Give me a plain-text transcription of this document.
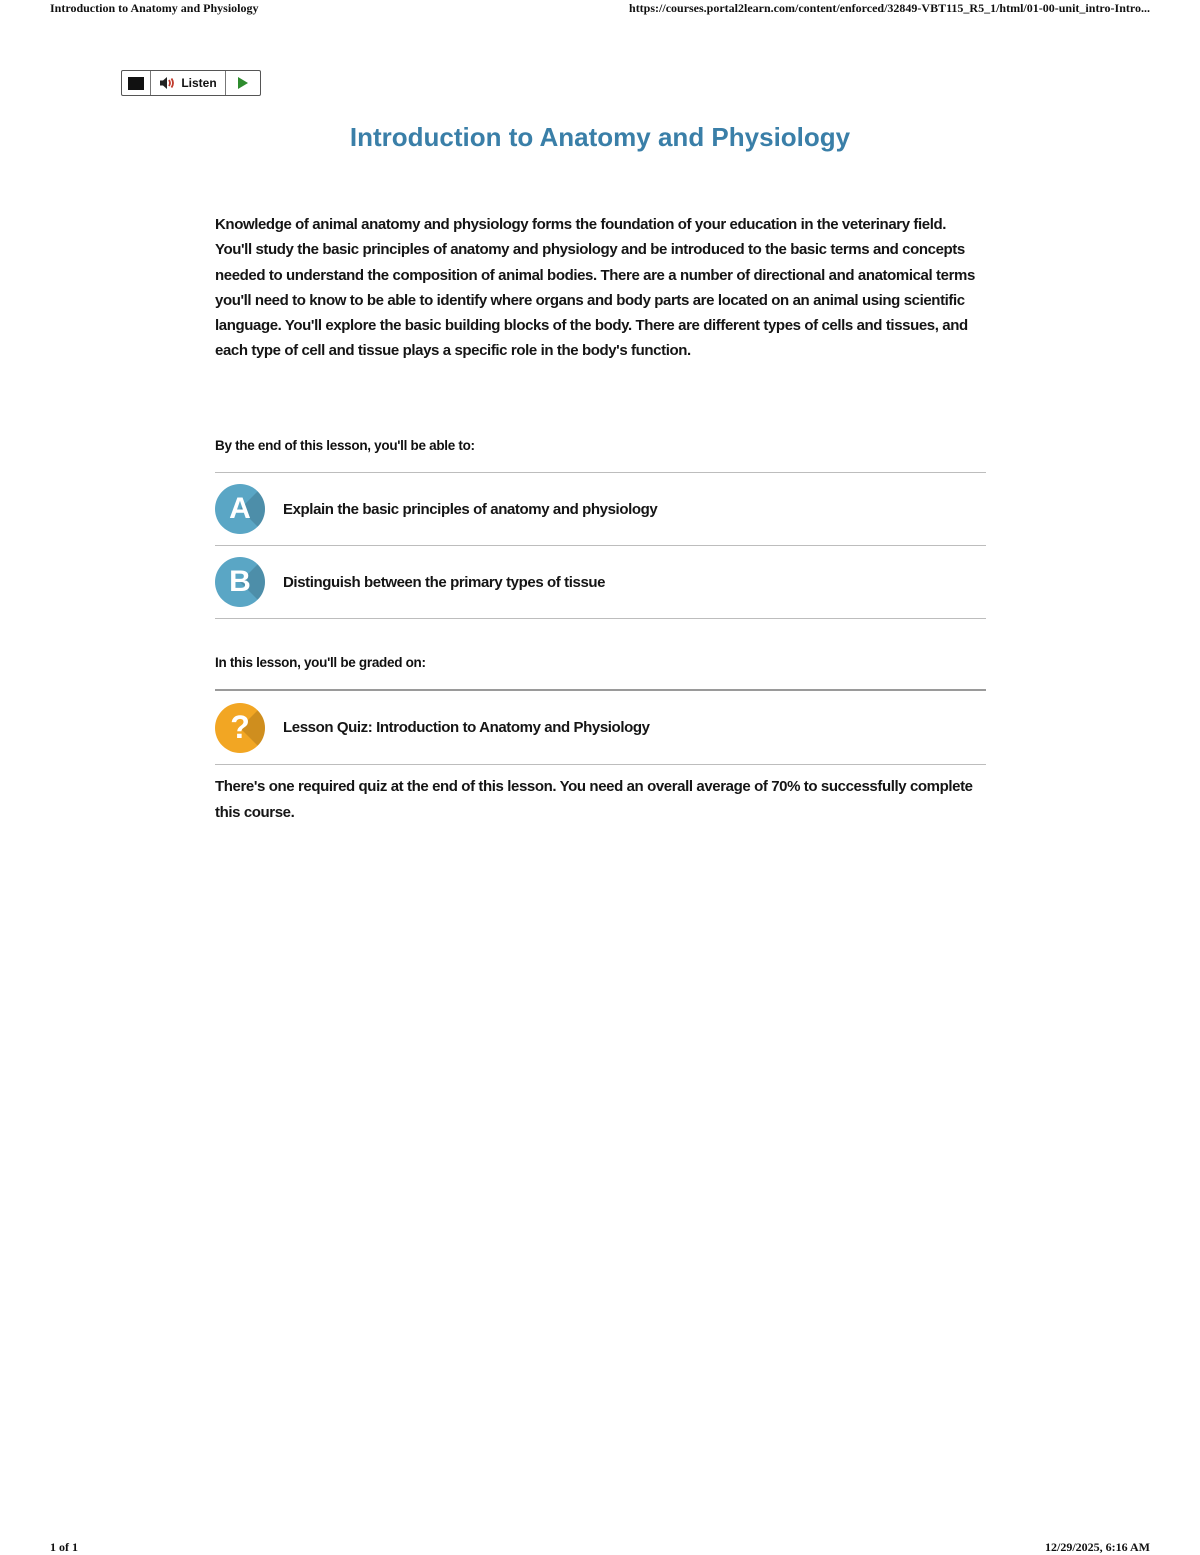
Introduction to Anatomy and Physiology	https://courses.portal2learn.com/content/enforced/32849-VBT115_R5_1/html/01-00-unit_intro-Intro...
Listen
Introduction to Anatomy and Physiology

Knowledge of animal anatomy and physiology forms the foundation of your education in the veterinary field. You'll study the basic principles of anatomy and physiology and be introduced to the basic terms and concepts needed to understand the composition of animal bodies. There are a number of directional and anatomical terms you'll need to know to be able to identify where organs and body parts are located on an animal using scientific language. You'll explore the basic building blocks of the body. There are different types of cells and tissues, and each type of cell and tissue plays a specific role in the body's function.

By the end of this lesson, you'll be able to:

A Explain the basic principles of anatomy and physiology
B Distinguish between the primary types of tissue

In this lesson, you'll be graded on:

? Lesson Quiz: Introduction to Anatomy and Physiology

There's one required quiz at the end of this lesson. You need an overall average of 70% to successfully complete this course.

1 of 1	12/29/2025, 6:16 AM
